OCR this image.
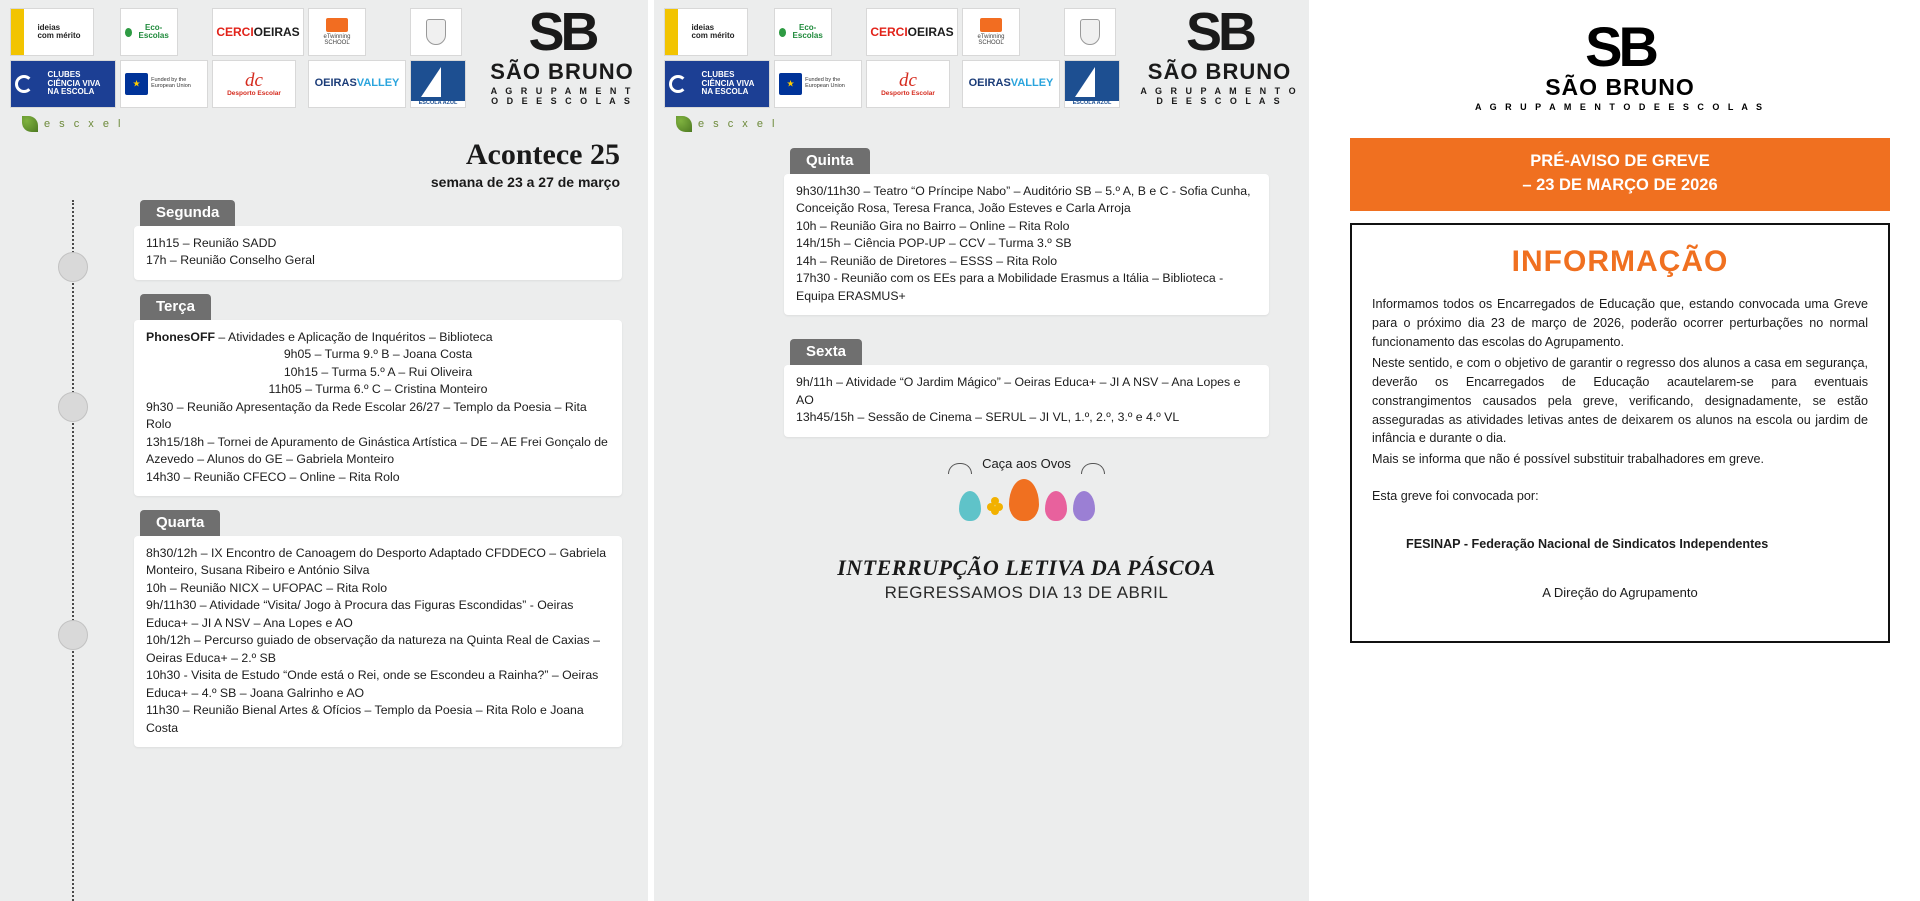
ideias
com mérito
Eco-Escolas	CERCI OEIRAS	eTwinning
SCHOOL
CLUBES
CIÊNCIA VIVA
NA ESCOLA
★
Funded by the European Union	dc
Desporto Escolar
OEIRAS VALLEY
ESCOLA AZUL
SB
SÃO BRUNO
A G R U P A M E N T O D E E S C O L A S
e s c x e l
Acontece 25
semana de 23 a 27 de março
Segunda

11h15 – Reunião SADD

17h – Reunião Conselho Geral

Terça

PhonesOFF – Atividades e Aplicação de Inquéritos – Biblioteca

9h05 – Turma 9.º B – Joana Costa

10h15 – Turma 5.º A – Rui Oliveira

11h05 – Turma 6.º C – Cristina Monteiro

9h30 – Reunião Apresentação da Rede Escolar 26/27 – Templo da Poesia – Rita Rolo

13h15/18h – Tornei de Apuramento de Ginástica Artística – DE – AE Frei Gonçalo de Azevedo – Alunos do GE – Gabriela Monteiro

14h30 – Reunião CFECO – Online – Rita Rolo

Quarta

8h30/12h – IX Encontro de Canoagem do Desporto Adaptado CFDDECO – Gabriela Monteiro, Susana Ribeiro e António Silva

10h – Reunião NICX – UFOPAC – Rita Rolo

9h/11h30 – Atividade “Visita/ Jogo à Procura das Figuras Escondidas” - Oeiras Educa+ – JI A NSV – Ana Lopes e AO

10h/12h – Percurso guiado de observação da natureza na Quinta Real de Caxias – Oeiras Educa+ – 2.º SB

10h30 - Visita de Estudo “Onde está o Rei, onde se Escondeu a Rainha?” – Oeiras Educa+ – 4.º SB – Joana Galrinho e AO

11h30 – Reunião Bienal Artes & Ofícios – Templo da Poesia – Rita Rolo e Joana Costa

ideias
com mérito
Eco-Escolas	CERCI OEIRAS	eTwinning
SCHOOL
CLUBES
CIÊNCIA VIVA
NA ESCOLA
★
Funded by the European Union	dc
Desporto Escolar
OEIRAS VALLEY
ESCOLA AZUL
SB
SÃO BRUNO
A G R U P A M E N T O D E E S C O L A S
e s c x e l
Quinta

9h30/11h30 – Teatro “O Príncipe Nabo” – Auditório SB – 5.º A, B e C - Sofia Cunha, Conceição Rosa, Teresa Franca, João Esteves e Carla Arroja

10h – Reunião Gira no Bairro – Online – Rita Rolo

14h/15h – Ciência POP-UP – CCV – Turma 3.º SB

14h – Reunião de Diretores – ESSS – Rita Rolo

17h30 - Reunião com os EEs para a Mobilidade Erasmus a Itália – Biblioteca - Equipa ERASMUS+

Sexta

9h/11h – Atividade “O Jardim Mágico” – Oeiras Educa+ – JI A NSV – Ana Lopes e AO

13h45/15h – Sessão de Cinema – SERUL – JI VL, 1.º, 2.º, 3.º e 4.º VL

Caça aos Ovos
INTERRUPÇÃO LETIVA DA PÁSCOA
REGRESSAMOS DIA 13 DE ABRIL
SB
SÃO BRUNO
A G R U P A M E N T O D E E S C O L A S
PRÉ-AVISO DE GREVE
– 23 DE MARÇO DE 2026
INFORMAÇÃO

Informamos todos os Encarregados de Educação que, estando convocada uma Greve para o próximo dia 23 de março de 2026, poderão ocorrer perturbações no normal funcionamento das escolas do Agrupamento.

Neste sentido, e com o objetivo de garantir o regresso dos alunos a casa em segurança, deverão os Encarregados de Educação acautelarem-se para eventuais constrangimentos causados pela greve, verificando, designadamente, se estão asseguradas as atividades letivas antes de deixarem os alunos na escola ou jardim de infância e durante o dia.

Mais se informa que não é possível substituir trabalhadores em greve.

Esta greve foi convocada por:

FESINAP - Federação Nacional de Sindicatos Independentes

A Direção do Agrupamento
